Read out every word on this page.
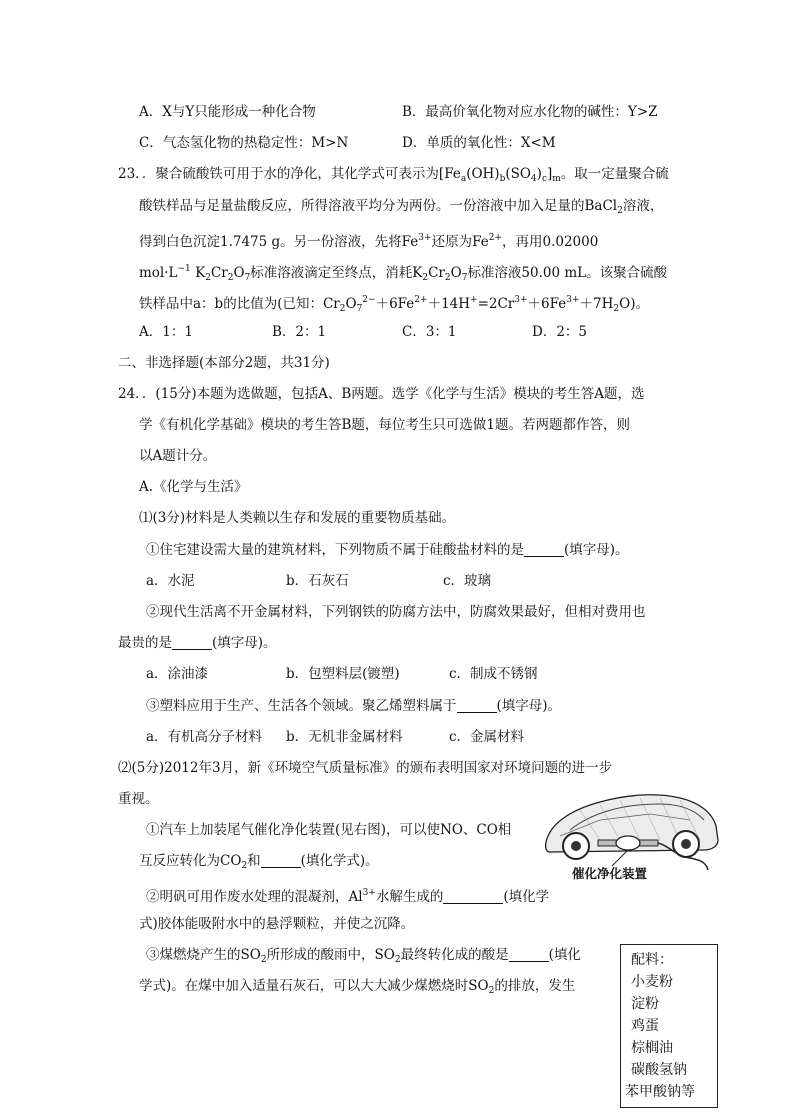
A．X与Y只能形成一种化合物	B．最高价氧化物对应水化物的碱性：Y>Z
C．气态氢化物的热稳定性：M>N	D．单质的氧化性：X<M
23．．聚合硫酸铁可用于水的净化，其化学式可表示为$[Fe_a(OH)_b(SO_4)_c]_m$。取一定量聚合硫
酸铁样品与足量盐酸反应，所得溶液平均分为两份。一份溶液中加入足量的BaCl$_2$溶液，
得到白色沉淀1.7475 g。另一份溶液，先将$Fe^{3+}$还原为$Fe^{2+}$，再用0.02000
$mol\cdot L^{-1}$ $K_2Cr_2O_7$标准溶液滴定至终点，消耗$K_2Cr_2O_7$标准溶液50.00 mL。该聚合硫酸
铁样品中a：b的比值为(已知：$Cr_2O_7^{2-}+6Fe^{2+}+14H^+=2Cr^{3+}+6Fe^{3+}+7H_2O$)。
A．1：1	B．2：1	C．3：1	D．2：5
二、非选择题(本部分2题，共31分)
24．．(15分)本题为选做题，包括A、B两题。选学《化学与生活》模块的考生答A题，选
学《有机化学基础》模块的考生答B题，每位考生只可选做1题。若两题都作答，则
以A题计分。
A.《化学与生活》
⑴(3分)材料是人类赖以生存和发展的重要物质基础。
①住宅建设需大量的建筑材料，下列物质不属于硅酸盐材料的是	(填字母)。
a．水泥	b．石灰石	c．玻璃
②现代生活离不开金属材料，下列钢铁的防腐方法中，防腐效果最好，但相对费用也
最贵的是	(填字母)。
a．涂油漆	b．包塑料层(镀塑)	c．制成不锈钢
③塑料应用于生产、生活各个领域。聚乙烯塑料属于	(填字母)。
a．有机高分子材料 b．无机非金属材料	c．金属材料
⑵(5分)2012年3月，新《环境空气质量标准》的颁布表明国家对环境问题的进一步
重视。
①汽车上加装尾气催化净化装置(见右图)，可以使NO、CO相
互反应转化为$CO_2$和	(填化学式)。
②明矾可用作废水处理的混凝剂，$Al^{3+}$水解生成的	(填化学
式)胶体能吸附水中的悬浮颗粒，并使之沉降。
③煤燃烧产生的$SO_2$所形成的酸雨中，$SO_2$最终转化成的酸是	(填化
学式)。在煤中加入适量石灰石，可以大大减少煤燃烧时$SO_2$的排放，发生
催化净化装置
配料：
小麦粉
淀粉
鸡蛋
棕榈油
碳酸氢钠
苯甲酸钠等
